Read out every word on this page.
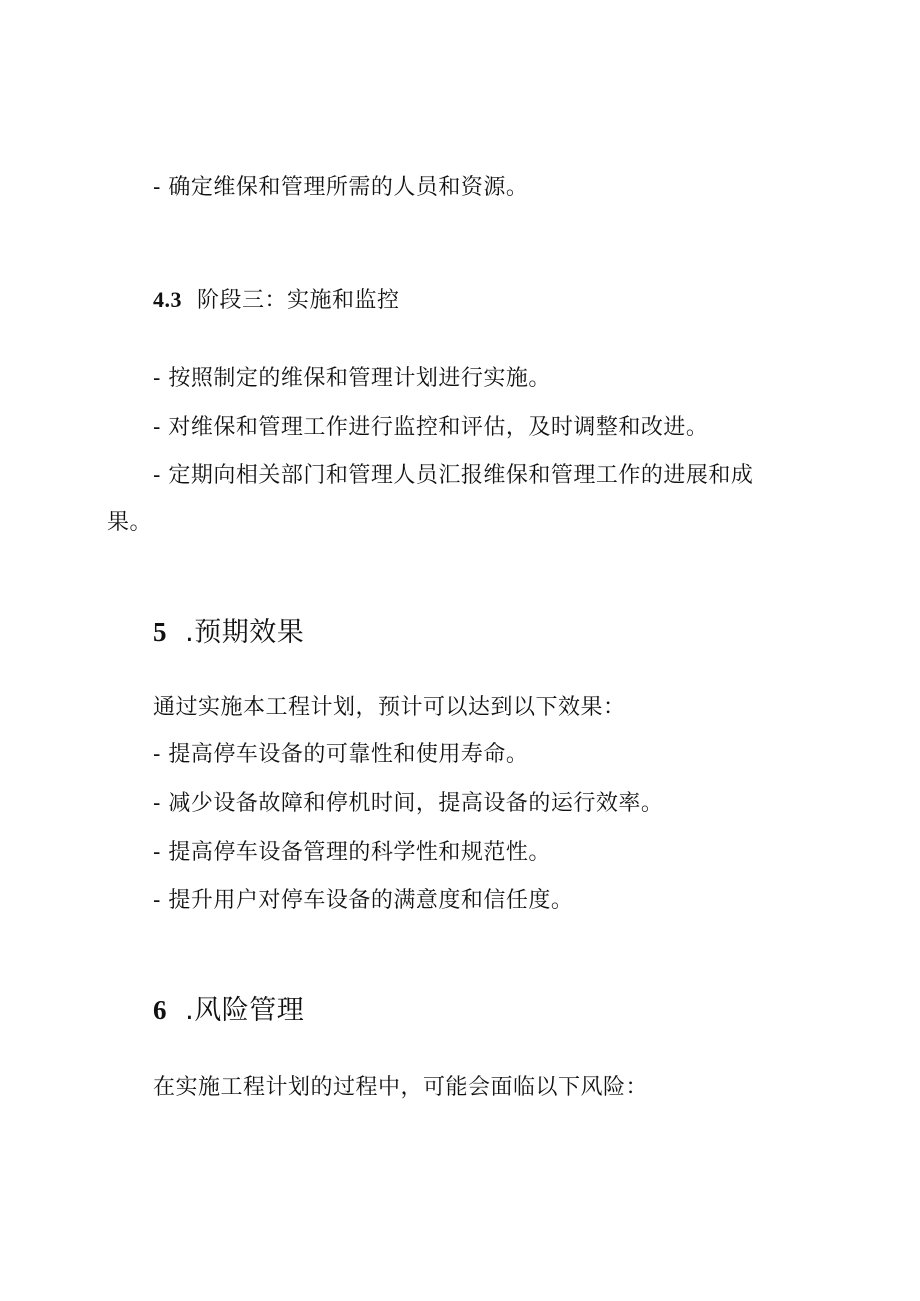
- 确定维保和管理所需的人员和资源。
4.3 阶段三：实施和监控
- 按照制定的维保和管理计划进行实施。
- 对维保和管理工作进行监控和评估，及时调整和改进。
- 定期向相关部门和管理人员汇报维保和管理工作的进展和成
果。
5 .预期效果
通过实施本工程计划，预计可以达到以下效果：
- 提高停车设备的可靠性和使用寿命。
- 减少设备故障和停机时间，提高设备的运行效率。
- 提高停车设备管理的科学性和规范性。
- 提升用户对停车设备的满意度和信任度。
6 .风险管理
在实施工程计划的过程中，可能会面临以下风险：
